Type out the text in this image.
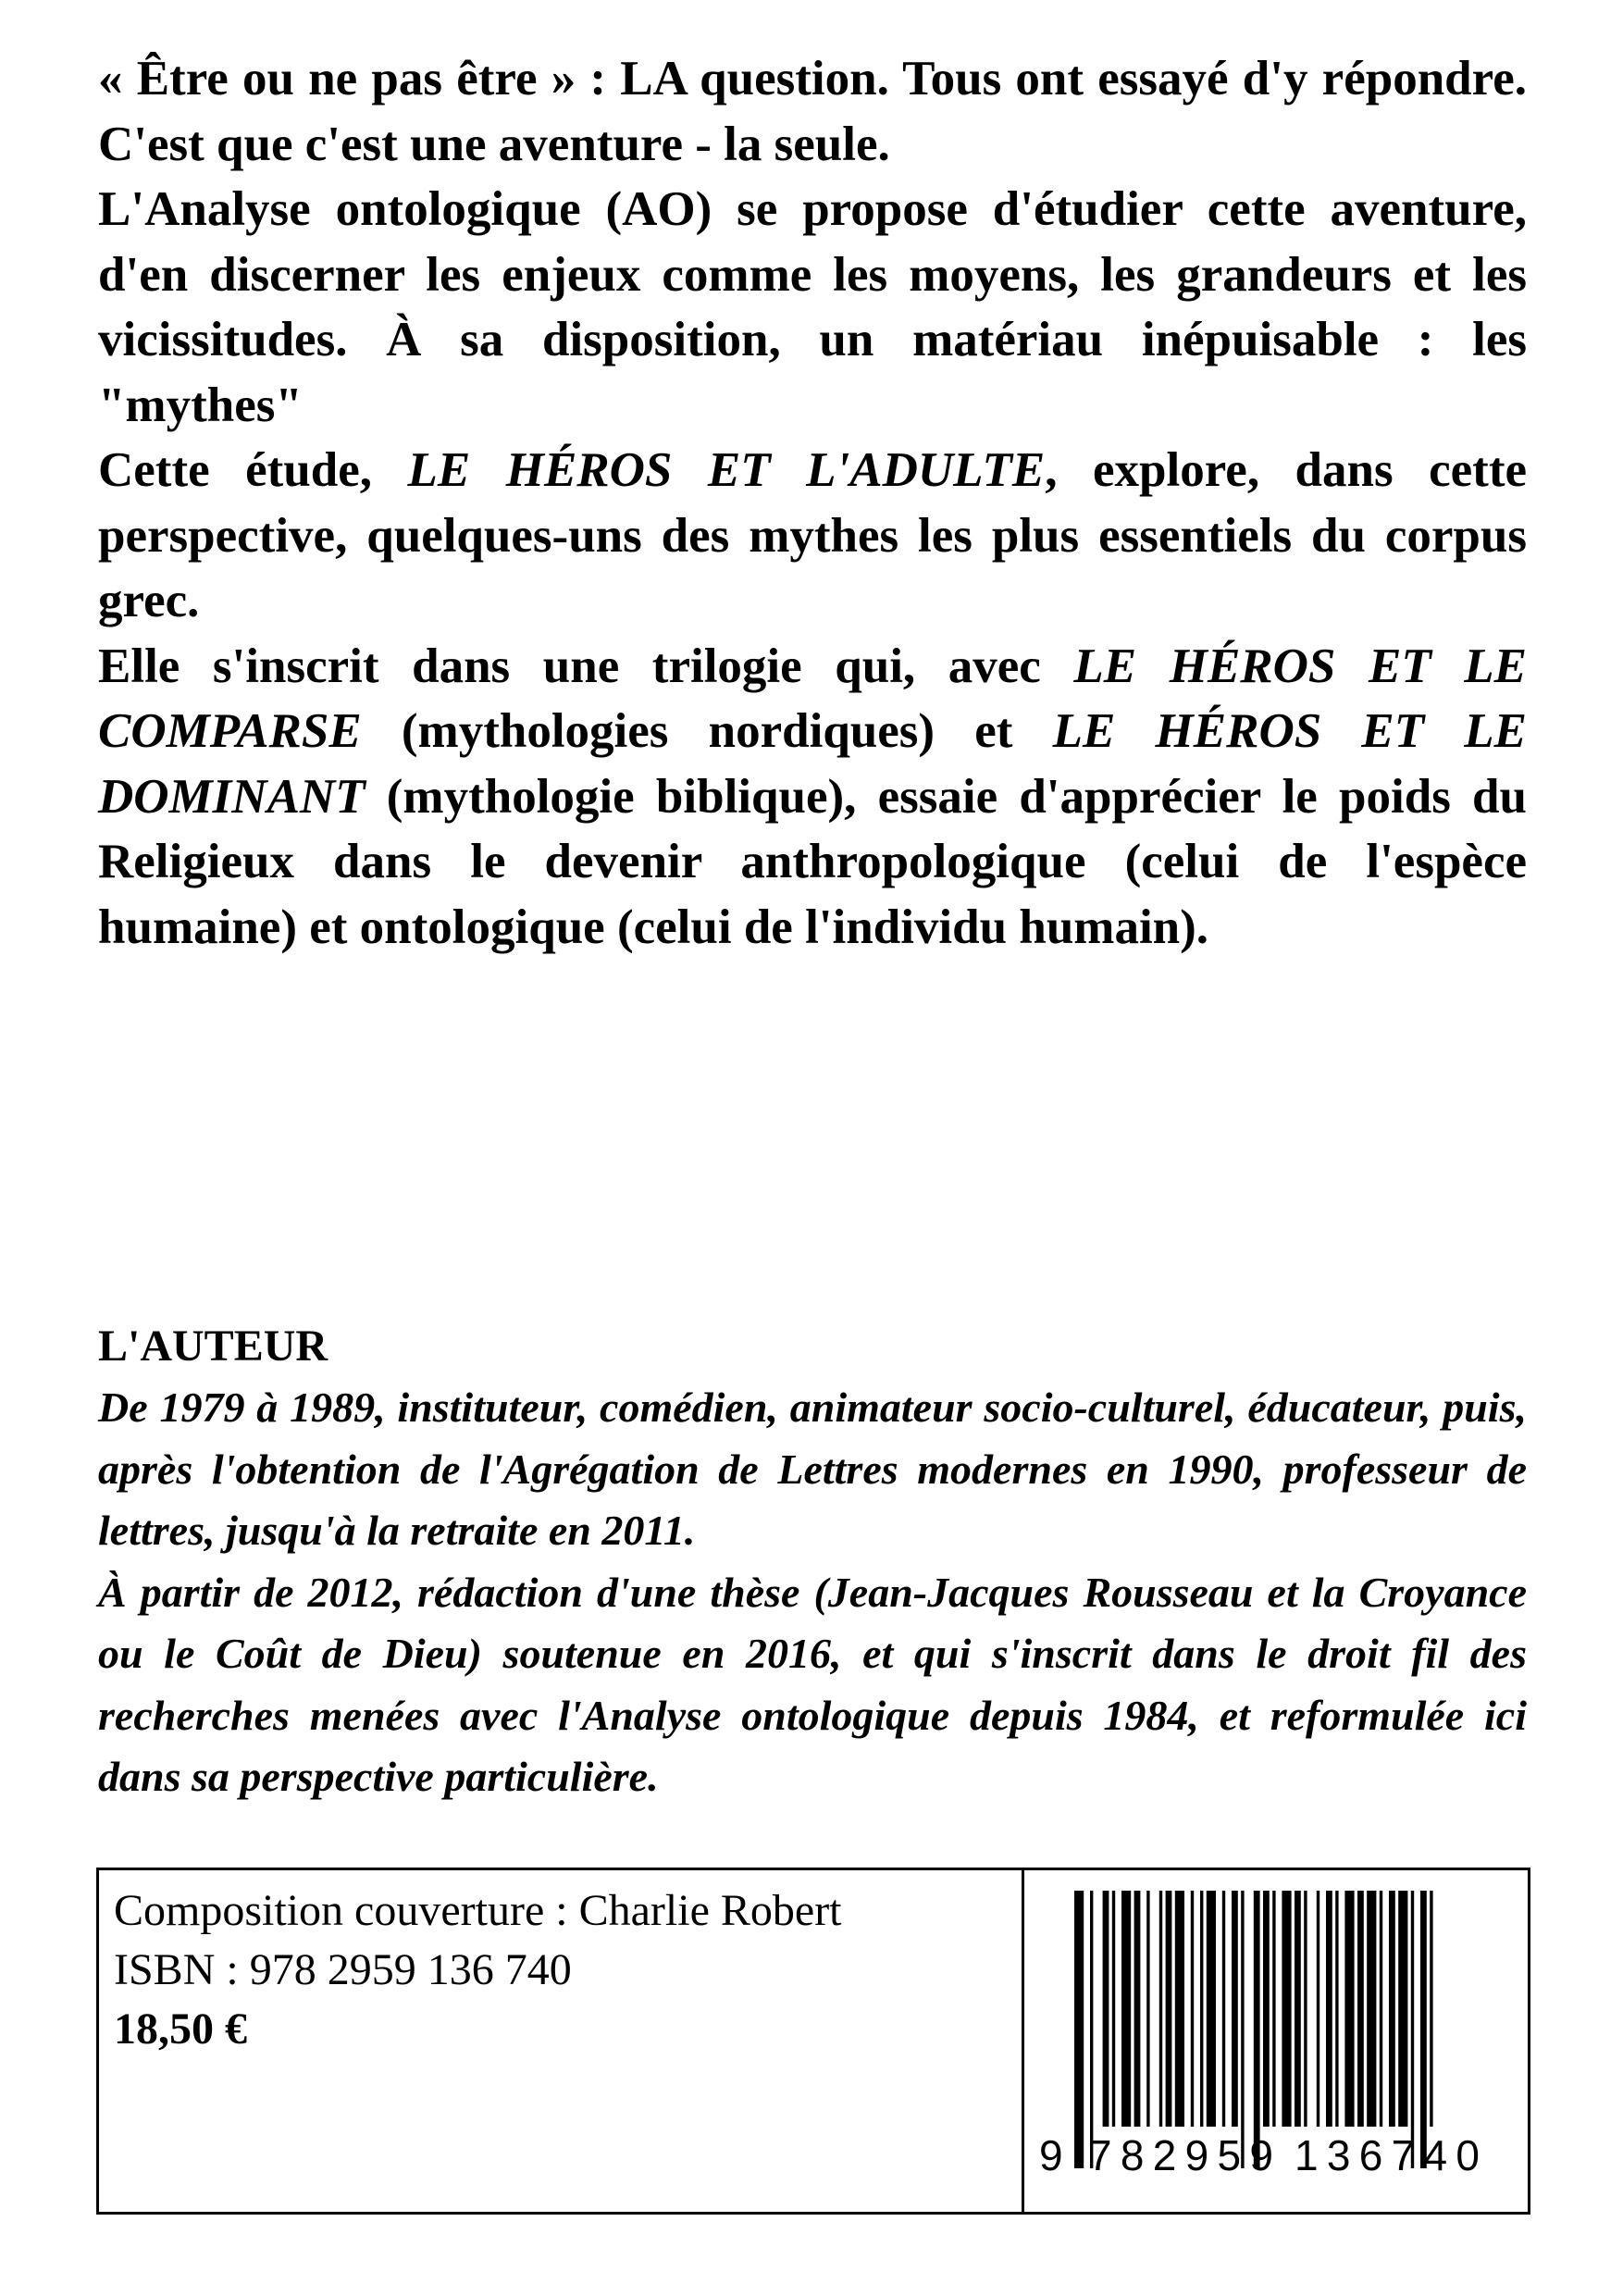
« Être ou ne pas être » : LA question. Tous ont essayé d'y répondre. C'est que c'est une aventure - la seule.

L'Analyse ontologique (AO) se propose d'étudier cette aventure, d'en discerner les enjeux comme les moyens, les grandeurs et les vicissitudes. À sa disposition, un matériau inépuisable : les "mythes"

Cette étude, LE HÉROS ET L'ADULTE, explore, dans cette perspective, quelques-uns des mythes les plus essentiels du corpus grec.

Elle s'inscrit dans une trilogie qui, avec LE HÉROS ET LE COMPARSE (mythologies nordiques) et LE HÉROS ET LE DOMINANT (mythologie biblique), essaie d'apprécier le poids du Religieux dans le devenir anthropologique (celui de l'espèce humaine) et ontologique (celui de l'individu humain).

L'AUTEUR

De 1979 à 1989, instituteur, comédien, animateur socio-culturel, éducateur, puis, après l'obtention de l'Agrégation de Lettres modernes en 1990, professeur de lettres, jusqu'à la retraite en 2011.

À partir de 2012, rédaction d'une thèse (Jean-Jacques Rousseau et la Croyance ou le Coût de Dieu) soutenue en 2016, et qui s'inscrit dans le droit fil des recherches menées avec l'Analyse ontologique depuis 1984, et reformulée ici dans sa perspective particulière.

Composition couverture : Charlie Robert
ISBN : 978 2959 136 740
18,50 €
9 782959 136740
